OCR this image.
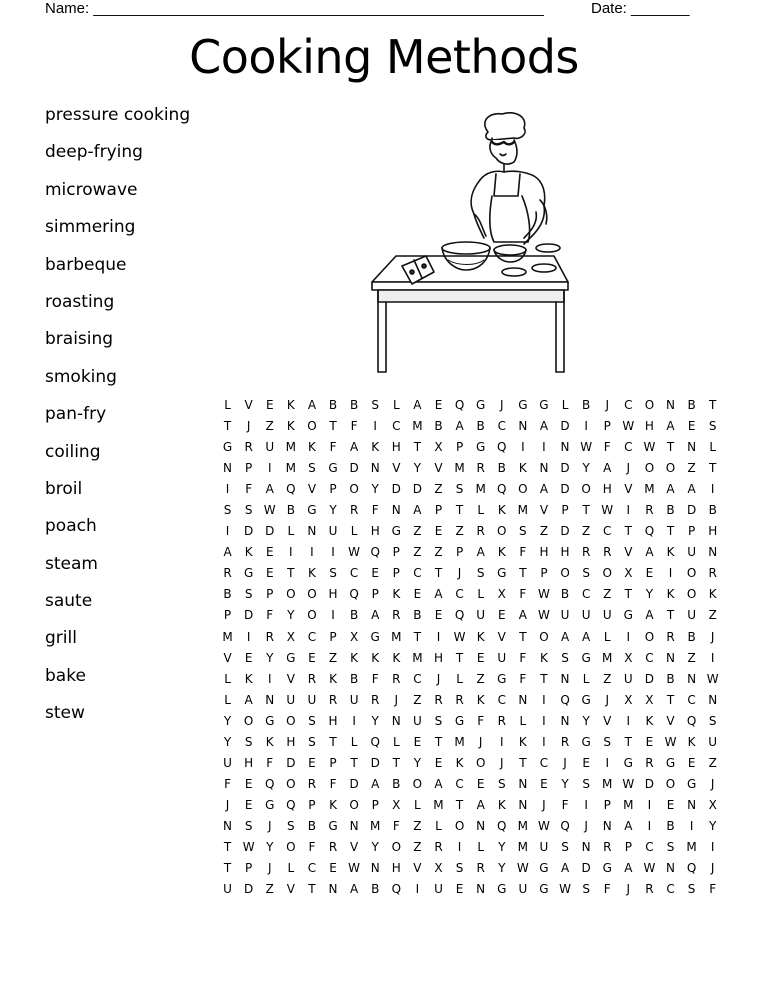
Name: ______________________________________________________	Date: _______
Cooking Methods
pressure cooking
deep-frying
microwave
simmering
barbeque
roasting
braising
smoking
pan-fry
coiling
broil
poach
steam
saute
grill
bake
stew
L	V	E	K	A	B	B	S	L	A	E	Q G	J	G G	L	B	J	C	O N	B	T
T	J	Z	K	O	T	F	I	C M B	A	B	C	N	A	D	I	P W H	A	E	S
G	R	U M K	F	A	K	H	T	X	P	G Q	I	I	N W F	C W T	N	L
N	P	I	M	S	G D N	V	Y	V M R	B	K	N D	Y	A	J	O O	Z	T
I	F	A	Q	V	P	O	Y	D D	Z	S	M Q O	A	D O H	V M A	A	I
S	S W B	G	Y	R	F	N	A	P	T	L	K M V	P	T W	I	R	B	D	B
I	D D	L	N	U	L	H G	Z	E	Z	R	O	S	Z	D	Z	C	T	Q	T	P	H
A	K	E	I	I	I	W Q	P	Z	Z	P	A	K	F	H	H	R	R	V	A	K	U	N
R	G	E	T	K	S	C	E	P	C	T	J	S	G	T	P	O	S	O	X	E	I	O	R
B	S	P	O O H Q	P	K	E	A	C	L	X	F W B	C	Z	T	Y	K	O	K
P	D	F	Y	O	I	B	A	R	B	E	Q U	E	A W U	U	U	G	A	T	U	Z
M	I	R	X	C	P	X	G M	T	I	W K	V	T	O	A	A	L	I	O	R	B	J
V	E	Y	G	E	Z	K	K	K M H	T	E	U	F	K	S	G M X	C	N	Z	I
L	K	I	V	R	K	B	F	R	C	J	L	Z	G	F	T	N	L	Z	U	D	B	N W
L	A	N	U	U	R	U	R	J	Z	R	R	K	C	N	I	Q G	J	X	X	T	C	N
Y	O G O	S	H	I	Y	N	U	S	G	F	R	L	I	N	Y	V	I	K	V	Q	S
Y	S	K	H	S	T	L	Q	L	E	T	M	J	I	K	I	R	G	S	T	E W K	U
U	H	F	D	E	P	T	D	T	Y	E	K	O	J	T	C	J	E	I	G	R	G	E	Z
F	E	Q O	R	F	D	A	B	O	A	C	E	S	N	E	Y	S	M W D O G	J
J	E	G Q	P	K	O	P	X	L	M	T	A	K	N	J	F	I	P	M	I	E	N	X
N	S	J	S	B	G N M	F	Z	L	O N Q M W Q	J	N	A	I	B	I	Y
T W Y	O	F	R	V	Y	O	Z	R	I	L	Y	M U	S	N	R	P	C	S	M	I
T	P	J	L	C	E W N	H	V	X	S	R	Y W G	A	D G	A W N Q	J
U	D	Z	V	T	N	A	B	Q	I	U	E	N G	U	G W S	F	J	R	C	S	F
